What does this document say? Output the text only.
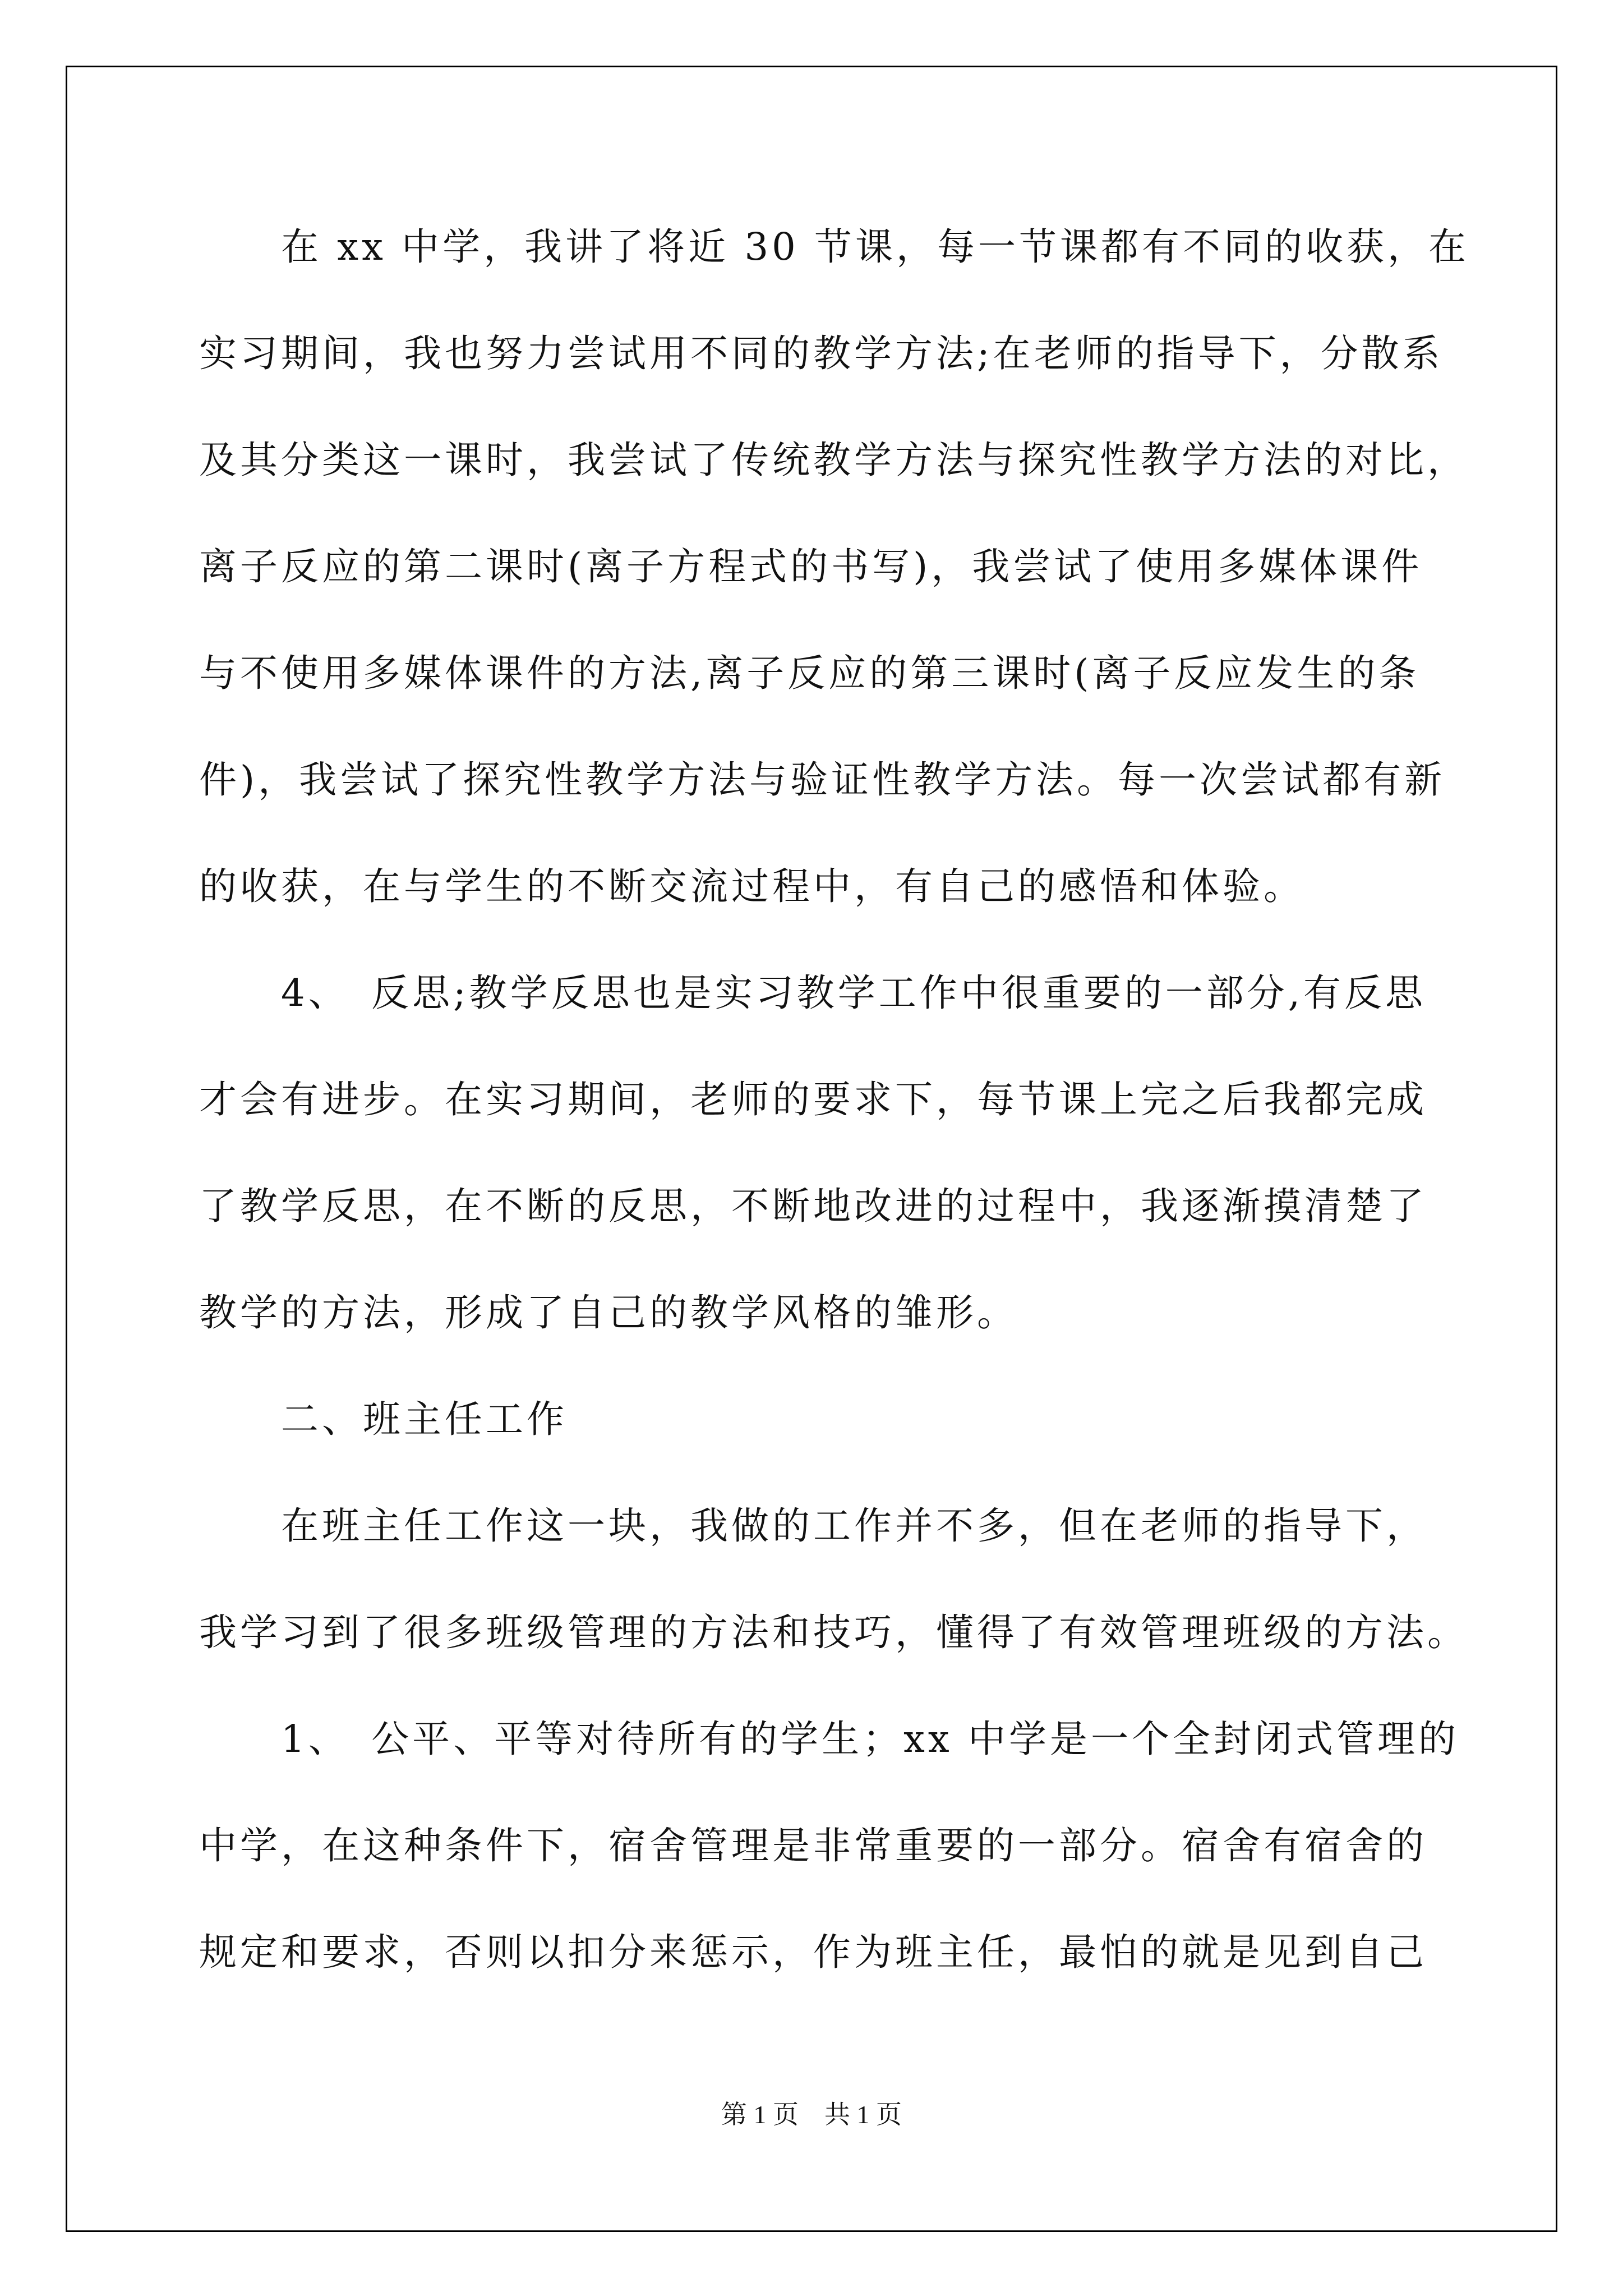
　　在 xx 中学，我讲了将近 30 节课，每一节课都有不同的收获，在
实习期间，我也努力尝试用不同的教学方法;在老师的指导下，分散系
及其分类这一课时，我尝试了传统教学方法与探究性教学方法的对比，
离子反应的第二课时(离子方程式的书写)，我尝试了使用多媒体课件
与不使用多媒体课件的方法,离子反应的第三课时(离子反应发生的条
件)，我尝试了探究性教学方法与验证性教学方法。每一次尝试都有新
的收获，在与学生的不断交流过程中，有自己的感悟和体验。
　　4、　反思;教学反思也是实习教学工作中很重要的一部分,有反思
才会有进步。在实习期间，老师的要求下，每节课上完之后我都完成
了教学反思，在不断的反思，不断地改进的过程中，我逐渐摸清楚了
教学的方法，形成了自己的教学风格的雏形。
　　二、班主任工作
　　在班主任工作这一块，我做的工作并不多，但在老师的指导下，
我学习到了很多班级管理的方法和技巧，懂得了有效管理班级的方法。
　　1、　公平、平等对待所有的学生；xx 中学是一个全封闭式管理的
中学，在这种条件下，宿舍管理是非常重要的一部分。宿舍有宿舍的
规定和要求，否则以扣分来惩示，作为班主任，最怕的就是见到自己
第 1 页　共 1 页
